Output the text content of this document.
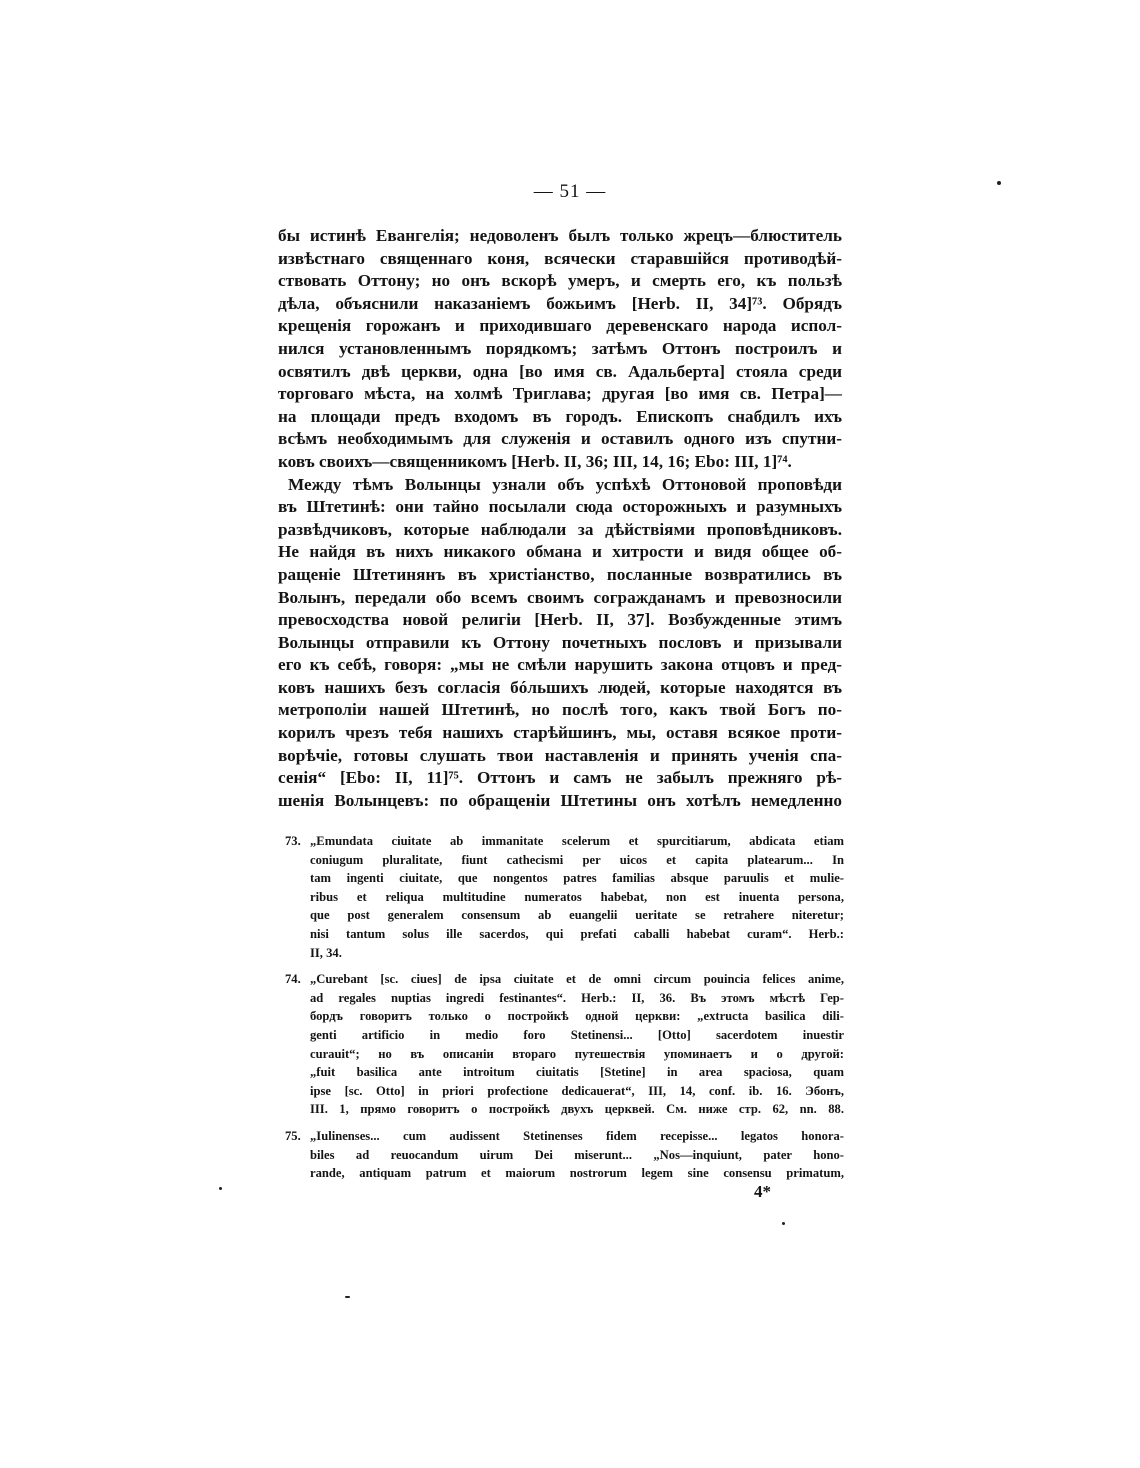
— 51 —

бы истинѣ Евангелія; недоволенъ былъ только жрецъ—блюститель
извѣстнаго священнаго коня, всячески старавшійся противодѣй-
ствовать Оттону; но онъ вскорѣ умеръ, и смерть его, къ пользѣ
дѣла, объяснили наказаніемъ божьимъ [Herb. II, 34]⁷³. Обрядъ
крещенія горожанъ и приходившаго деревенскаго народа испол-
нился установленнымъ порядкомъ; затѣмъ Оттонъ построилъ и
освятилъ двѣ церкви, одна [во имя св. Адальберта] стояла среди
торговаго мѣста, на холмѣ Триглава; другая [во имя св. Петра]—
на площади предъ входомъ въ городъ. Епископъ снабдилъ ихъ
всѣмъ необходимымъ для служенія и оставилъ одного изъ спутни-
ковъ своихъ—священникомъ [Herb. II, 36; III, 14, 16; Ebo: III, 1]⁷⁴.

Между тѣмъ Волынцы узнали объ успѣхѣ Оттоновой проповѣди
въ Штетинѣ: они тайно посылали сюда осторожныхъ и разумныхъ
развѣдчиковъ, которые наблюдали за дѣйствіями проповѣдниковъ.
Не найдя въ нихъ никакого обмана и хитрости и видя общее об-
ращеніе Штетинянъ въ христіанство, посланные возвратились въ
Волынъ, передали обо всемъ своимъ согражданамъ и превозносили
превосходства новой религіи [Herb. II, 37]. Возбужденные этимъ
Волынцы отправили къ Оттону почетныхъ пословъ и призывали
его къ себѣ, говоря: „мы не смѣли нарушить закона отцовъ и пред-
ковъ нашихъ безъ согласія бóльшихъ людей, которые находятся въ
метрополіи нашей Штетинѣ, но послѣ того, какъ твой Богъ по-
корилъ чрезъ тебя нашихъ старѣйшинъ, мы, оставя всякое проти-
ворѣчіе, готовы слушать твои наставленія и принять ученія спа-
сенія“ [Ebo: II, 11]⁷⁵. Оттонъ и самъ не забылъ прежняго рѣ-
шенія Волынцевъ: по обращеніи Штетины онъ хотѣлъ немедленно

73. „Emundata ciuitate ab immanitate scelerum et spurcitiarum, abdicata etiam
coniugum pluralitate, fiunt cathecismi per uicos et capita platearum... In
tam ingenti ciuitate, que nongentos patres familias absque paruulis et mulie-
ribus et reliqua multitudine numeratos habebat, non est inuenta persona,
que post generalem consensum ab euangelii ueritate se retrahere niteretur;
nisi tantum solus ille sacerdos, qui prefati caballi habebat curam“. Herb.:
II, 34.
74. „Curebant [sc. ciues] de ipsa ciuitate et de omni circum pouincia felices anime,
ad regales nuptias ingredi festinantes“. Herb.: II, 36. Въ этомъ мѣстѣ Гер-
бордъ говоритъ только о постройкѣ одной церкви: „extructa basilica dili-
genti artificio in medio foro Stetinensi... [Otto] sacerdotem inuestir
curauit“; но въ описаніи втораго путешествія упоминаетъ и о другой:
„fuit basilica ante introitum ciuitatis [Stetine] in area spaciosa, quam
ipse [sc. Otto] in priori profectione dedicauerat“, III, 14, conf. ib. 16. Эбонъ,
III. 1, прямо говоритъ о постройкѣ двухъ церквей. См. ниже стр. 62, nn. 88.
75. „Iulinenses... cum audissent Stetinenses fidem recepisse... legatos honora-
biles ad reuocandum uirum Dei miserunt... „Nos—inquiunt, pater hono-
rande, antiquam patrum et maiorum nostrorum legem sine consensu primatum,
4*
